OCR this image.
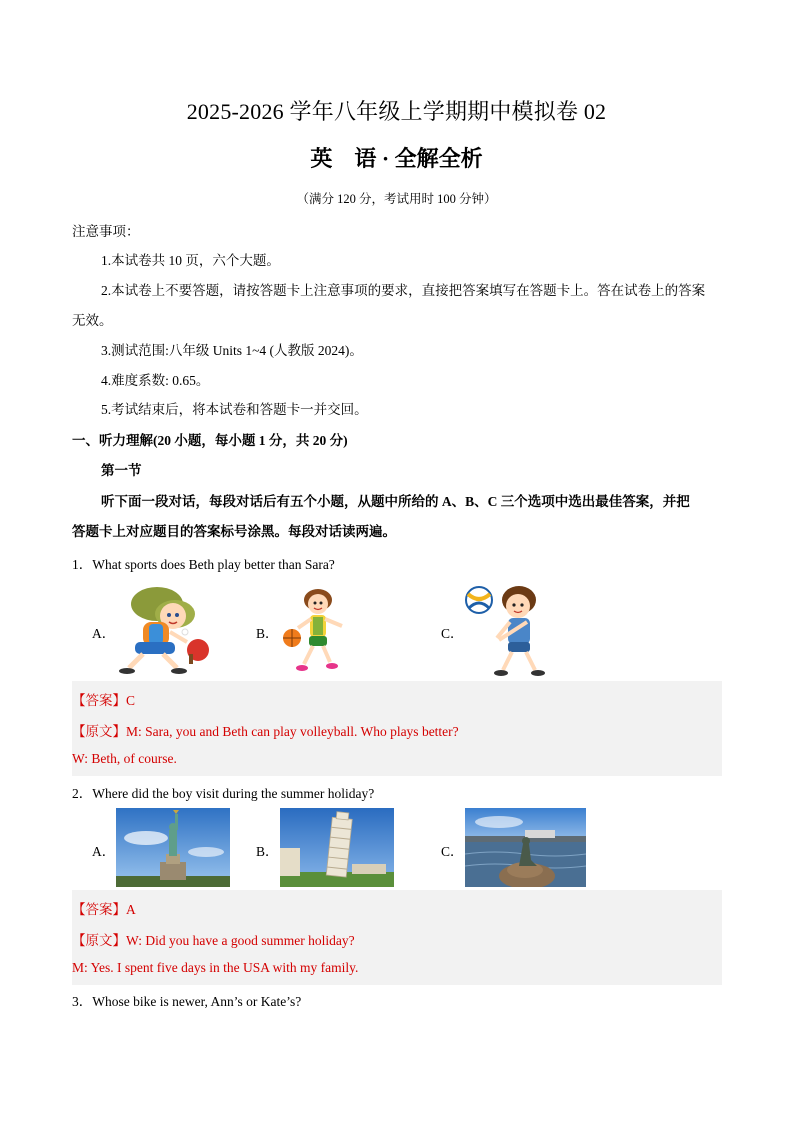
2025-2026 学年八年级上学期期中模拟卷 02
英　语 · 全解全析
（满分 120 分，考试用时 100 分钟）
注意事项：
1.本试卷共 10 页，六个大题。
2.本试卷上不要答题，请按答题卡上注意事项的要求，直接把答案填写在答题卡上。答在试卷上的答案
无效。
3.测试范围:八年级 Units 1~4 (人教版 2024)。
4.难度系数: 0.65。
5.考试结束后，将本试卷和答题卡一并交回。
一、听力理解(20 小题，每小题 1 分，共 20 分)
第一节
听下面一段对话，每段对话后有五个小题，从题中所给的 A、B、C 三个选项中选出最佳答案，并把
答题卡上对应题目的答案标号涂黑。每段对话读两遍。
1．What sports does Beth play better than Sara?
A．	B．	C．
【答案】C
【原文】M: Sara, you and Beth can play volleyball. Who plays better?
W: Beth, of course.
2．Where did the boy visit during the summer holiday?
A．	B．	C．
【答案】A
【原文】W: Did you have a good summer holiday?
M: Yes. I spent five days in the USA with my family.
3．Whose bike is newer, Ann’s or Kate’s?
